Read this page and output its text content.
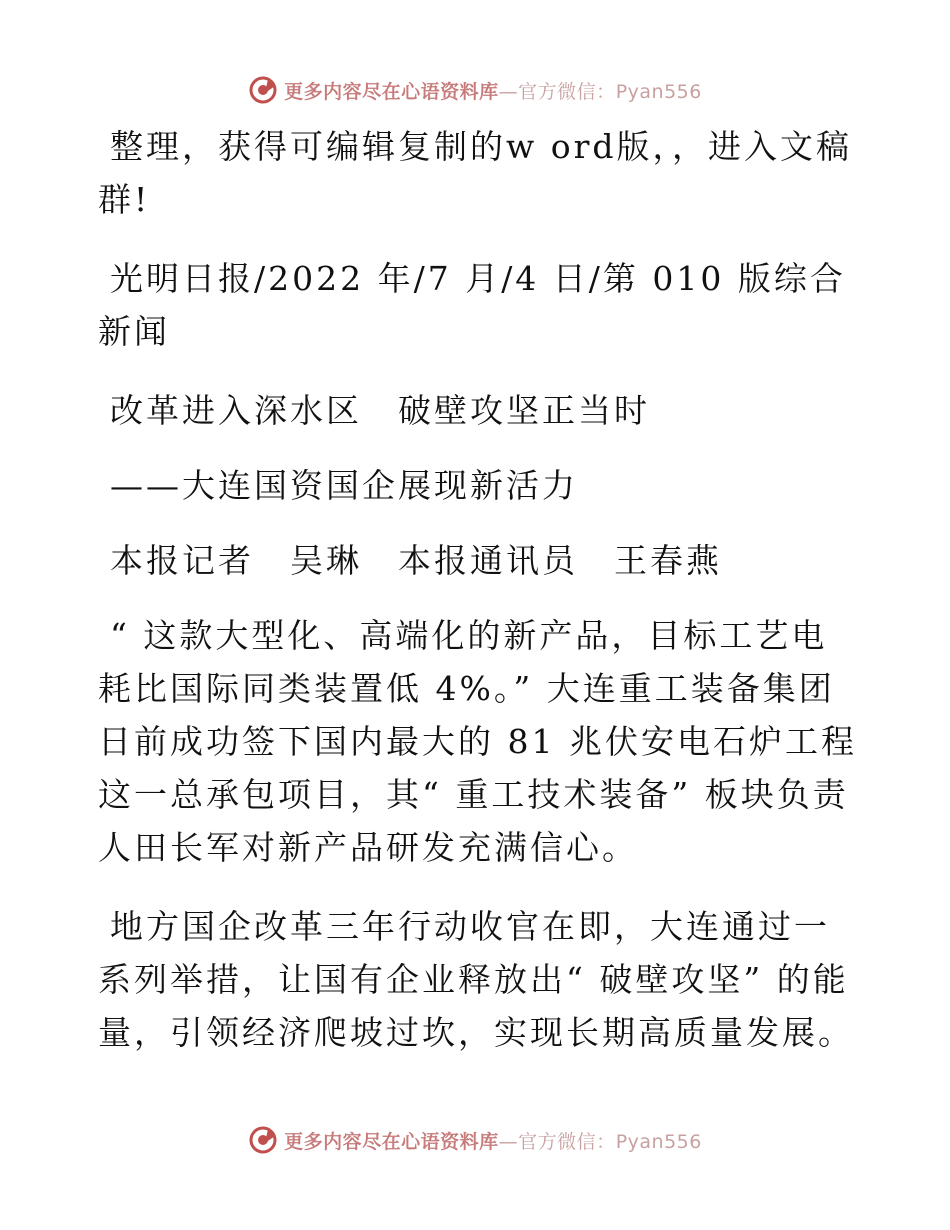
更多内容尽在心语资料库—官方微信：Pyan556

整理，获得可编辑复制的w ord版，，进入文稿群!

光明日报/2022 年/7 月/4 日/第 010 版综合新闻

改革进入深水区　破壁攻坚正当时

——大连国资国企展现新活力

本报记者　吴琳　本报通讯员　王春燕

“ 这款大型化、高端化的新产品，目标工艺电耗比国际同类装置低 4%。” 大连重工装备集团日前成功签下国内最大的 81 兆伏安电石炉工程这一总承包项目，其“ 重工技术装备” 板块负责人田长军对新产品研发充满信心。

地方国企改革三年行动收官在即，大连通过一系列举措，让国有企业释放出“ 破壁攻坚” 的能量，引领经济爬坡过坎，实现长期高质量发展。

更多内容尽在心语资料库—官方微信：Pyan556
